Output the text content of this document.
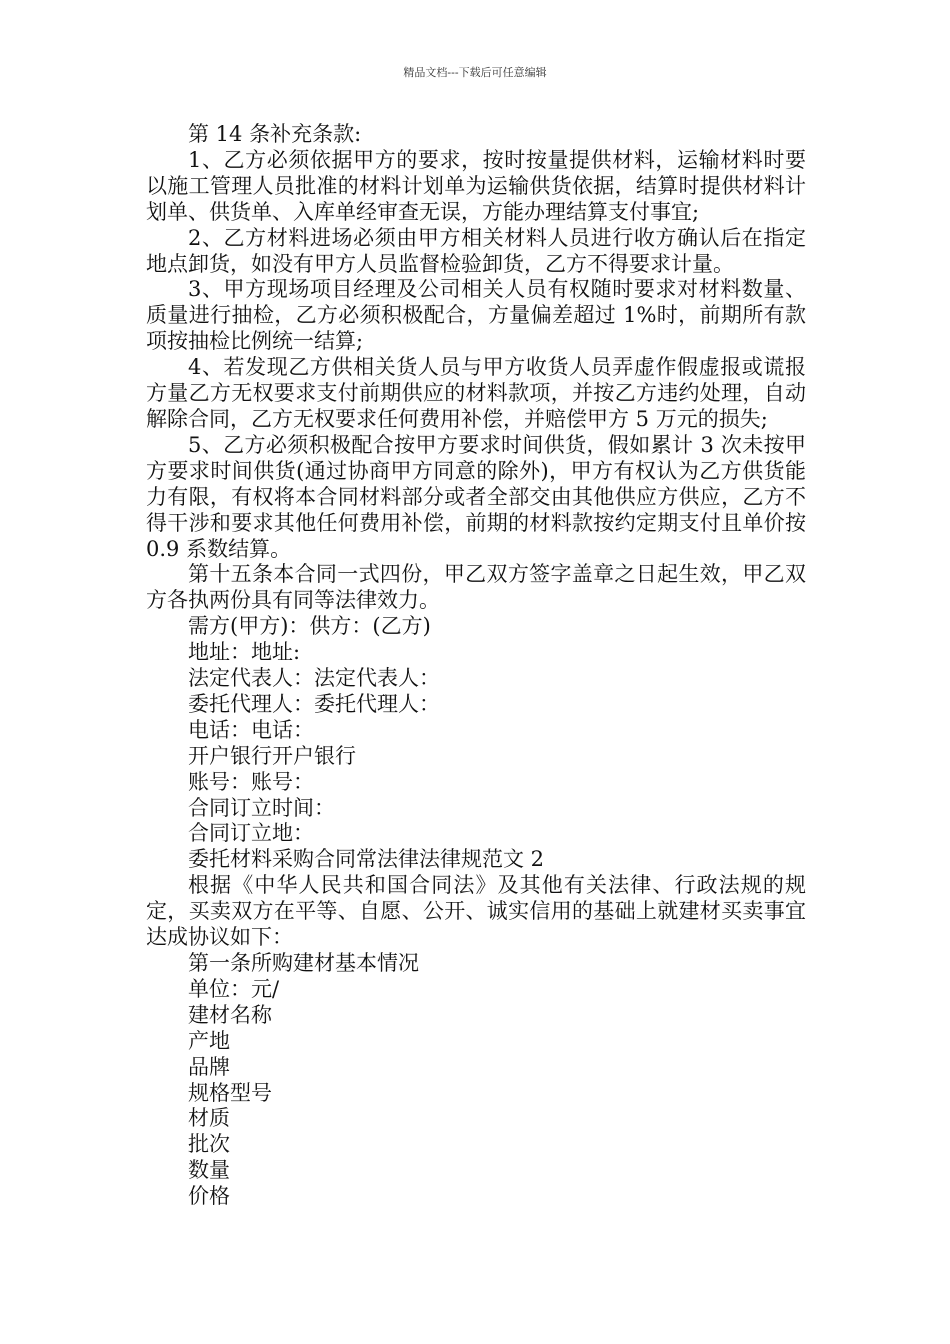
精品文档---下载后可任意编辑

第 14 条补充条款:

1、乙方必须依据甲方的要求，按时按量提供材料，运输材料时要以施工管理人员批准的材料计划单为运输供货依据，结算时提供材料计划单、供货单、入库单经审查无误，方能办理结算支付事宜;

2、乙方材料进场必须由甲方相关材料人员进行收方确认后在指定地点卸货，如没有甲方人员监督检验卸货，乙方不得要求计量。

3、甲方现场项目经理及公司相关人员有权随时要求对材料数量、质量进行抽检，乙方必须积极配合，方量偏差超过 1%时，前期所有款项按抽检比例统一结算;

4、若发现乙方供相关货人员与甲方收货人员弄虚作假虚报或谎报方量乙方无权要求支付前期供应的材料款项，并按乙方违约处理，自动解除合同，乙方无权要求任何费用补偿，并赔偿甲方 5 万元的损失;

5、乙方必须积极配合按甲方要求时间供货，假如累计 3 次未按甲方要求时间供货(通过协商甲方同意的除外)，甲方有权认为乙方供货能力有限，有权将本合同材料部分或者全部交由其他供应方供应，乙方不得干涉和要求其他任何费用补偿，前期的材料款按约定期支付且单价按 0.9 系数结算。

第十五条本合同一式四份，甲乙双方签字盖章之日起生效，甲乙双方各执两份具有同等法律效力。

需方(甲方)：供方：(乙方)

地址：地址:

法定代表人：法定代表人：

委托代理人：委托代理人：

电话：电话：

开户银行开户银行

账号：账号：

合同订立时间：

合同订立地：

委托材料采购合同常法律法律规范文 2

根据《中华人民共和国合同法》及其他有关法律、行政法规的规定，买卖双方在平等、自愿、公开、诚实信用的基础上就建材买卖事宜达成协议如下：

第一条所购建材基本情况

单位：元/

建材名称

产地

品牌

规格型号

材质

批次

数量

价格
